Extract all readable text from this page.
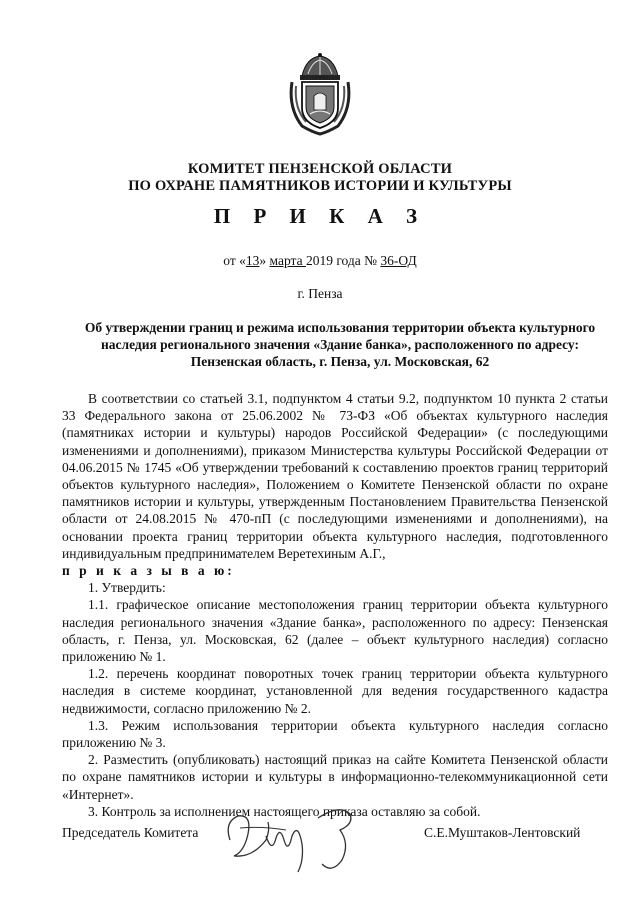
КОМИТЕТ ПЕНЗЕНСКОЙ ОБЛАСТИ
ПО ОХРАНЕ ПАМЯТНИКОВ ИСТОРИИ И КУЛЬТУРЫ
П Р И К А З
от «13» марта 2019 года № 36-ОД
г. Пенза
Об утверждении границ и режима использования территории объекта культурного наследия регионального значения «Здание банка», расположенного по адресу: Пензенская область, г. Пенза, ул. Московская, 62

В соответствии со статьей 3.1, подпунктом 4 статьи 9.2, подпунктом 10 пункта 2 статьи 33 Федерального закона от 25.06.2002 № 73-ФЗ «Об объектах культурного наследия (памятниках истории и культуры) народов Российской Федерации» (с последующими изменениями и дополнениями), приказом Министерства культуры Российской Федерации от 04.06.2015 № 1745 «Об утверждении требований к составлению проектов границ территорий объектов культурного наследия», Положением о Комитете Пензенской области по охране памятников истории и культуры, утвержденным Постановлением Правительства Пензенской области от 24.08.2015 № 470-пП (с последующими изменениями и дополнениями), на основании проекта границ территории объекта культурного наследия, подготовленного индивидуальным предпринимателем Веретехиным А.Г.,

п р и к а з ы в а ю:

1. Утвердить:

1.1. графическое описание местоположения границ территории объекта культурного наследия регионального значения «Здание банка», расположенного по адресу: Пензенская область, г. Пенза, ул. Московская, 62 (далее – объект культурного наследия) согласно приложению № 1.

1.2. перечень координат поворотных точек границ территории объекта культурного наследия в системе координат, установленной для ведения государственного кадастра недвижимости, согласно приложению № 2.

1.3. Режим использования территории объекта культурного наследия согласно приложению № 3.

2. Разместить (опубликовать) настоящий приказ на сайте Комитета Пензенской области по охране памятников истории и культуры в информационно-телекоммуникационной сети «Интернет».

3. Контроль за исполнением настоящего приказа оставляю за собой.

Председатель Комитета	С.Е.Муштаков-Лентовский
